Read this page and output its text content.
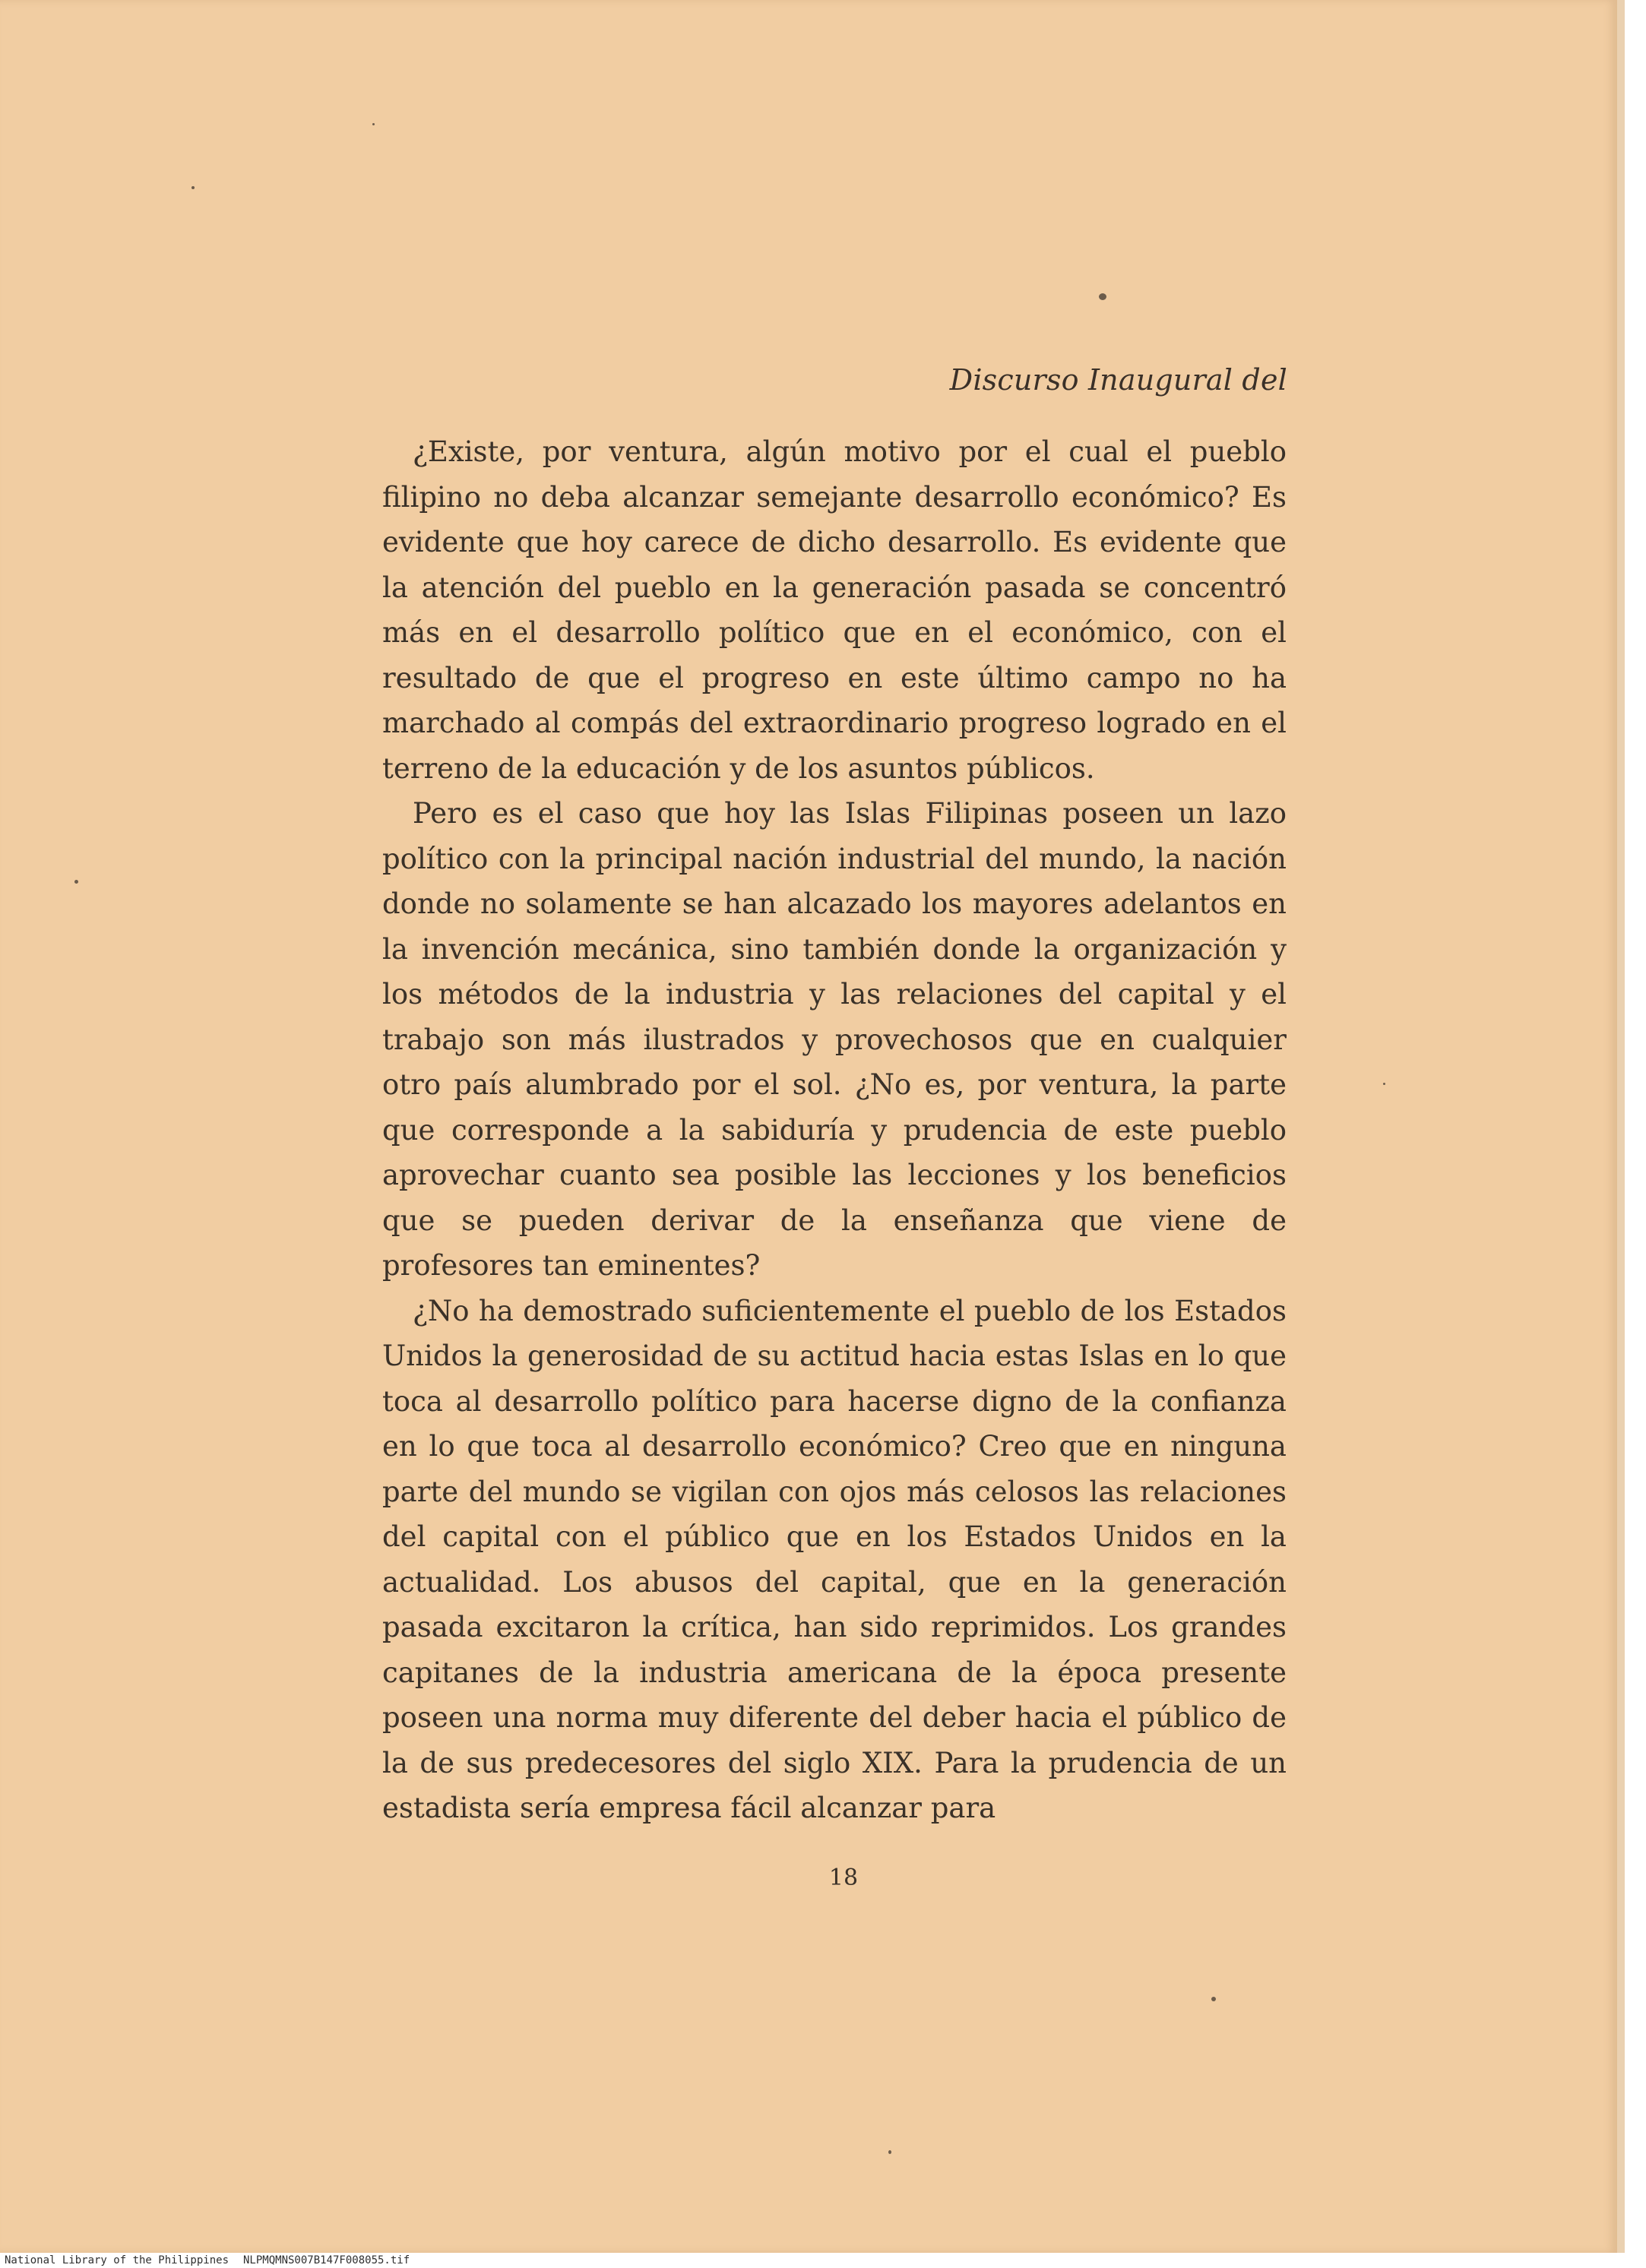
Discurso Inaugural del

¿Existe, por ventura, algún motivo por el cual el pueblo filipino no deba alcanzar semejante desarrollo económico? Es evidente que hoy carece de dicho desarrollo. Es evidente que la atención del pueblo en la generación pasada se concentró más en el desarrollo político que en el económico, con el resultado de que el progreso en este último campo no ha marchado al compás del extraordinario progreso logrado en el terreno de la educación y de los asuntos públicos.

Pero es el caso que hoy las Islas Filipinas poseen un lazo político con la principal nación industrial del mundo, la nación donde no solamente se han alcazado los mayores adelantos en la invención mecánica, sino también donde la organización y los métodos de la industria y las relaciones del capital y el trabajo son más ilustrados y provechosos que en cualquier otro país alumbrado por el sol. ¿No es, por ventura, la parte que corresponde a la sabiduría y prudencia de este pueblo aprovechar cuanto sea posible las lecciones y los beneficios que se pueden derivar de la enseñanza que viene de profesores tan eminentes?

¿No ha demostrado suficientemente el pueblo de los Estados Unidos la generosidad de su actitud hacia estas Islas en lo que toca al desarrollo político para hacerse digno de la confianza en lo que toca al desarrollo económico? Creo que en ninguna parte del mundo se vigilan con ojos más celosos las relaciones del capital con el público que en los Estados Unidos en la actualidad. Los abusos del capital, que en la generación pasada excitaron la crítica, han sido reprimidos. Los grandes capitanes de la industria americana de la época presente poseen una norma muy diferente del deber hacia el público de la de sus predecesores del siglo XIX. Para la prudencia de un estadista sería empresa fácil alcanzar para

18
National Library of the Philippines NLPMQMNS007B147F008055.tif
